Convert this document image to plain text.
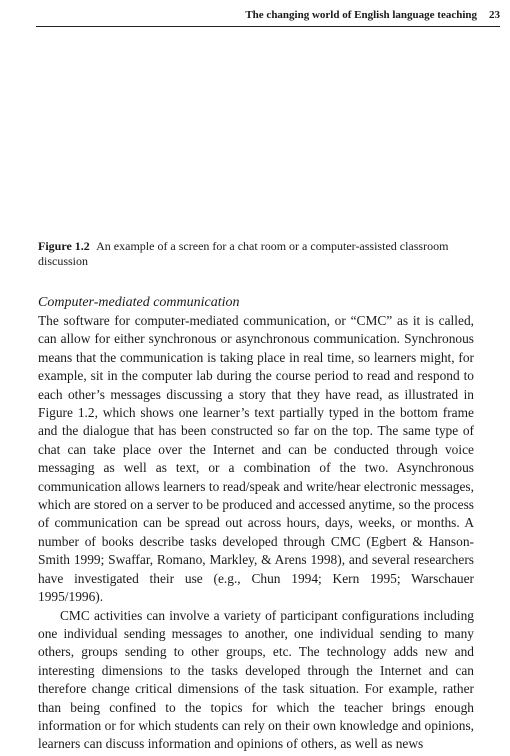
The changing world of English language teaching 23
Figure 1.2 An example of a screen for a chat room or a computer-assisted classroom discussion
Computer-mediated communication

The software for computer-mediated communication, or “CMC” as it is called, can allow for either synchronous or asynchronous communication. Synchronous means that the communication is taking place in real time, so learners might, for example, sit in the computer lab during the course period to read and respond to each other’s messages discussing a story that they have read, as illustrated in Figure 1.2, which shows one learner’s text partially typed in the bottom frame and the dialogue that has been constructed so far on the top. The same type of chat can take place over the Internet and can be conducted through voice messaging as well as text, or a combination of the two. Asynchronous communication allows learners to read/speak and write/hear electronic messages, which are stored on a server to be produced and accessed anytime, so the process of communication can be spread out across hours, days, weeks, or months. A number of books describe tasks developed through CMC (Egbert & Hanson-Smith 1999; Swaffar, Romano, Markley, & Arens 1998), and several researchers have investigated their use (e.g., Chun 1994; Kern 1995; Warschauer 1995/1996).

CMC activities can involve a variety of participant configurations including one individual sending messages to another, one individual sending to many others, groups sending to other groups, etc. The technology adds new and interesting dimensions to the tasks developed through the Internet and can therefore change critical dimensions of the task situation. For example, rather than being confined to the topics for which the teacher brings enough information or for which students can rely on their own knowledge and opinions, learners can discuss information and opinions of others, as well as news
